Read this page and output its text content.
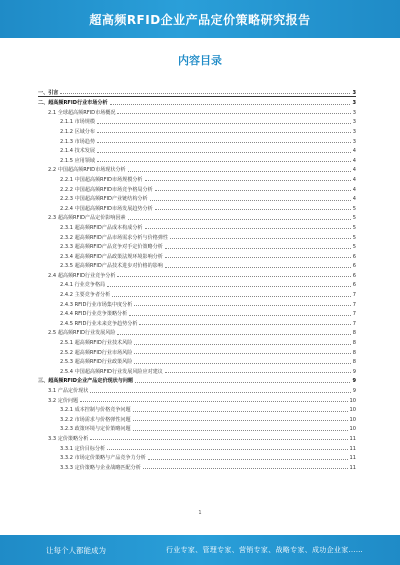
超高频RFID企业产品定价策略研究报告
内容目录
一、引言	3
二、超高频RFID行业市场分析	3
2.1 全球超高频RFID市场概况	3
2.1.1 市场规模	3
2.1.2 区域分布	3
2.1.3 市场趋势	3
2.1.4 技术发展	4
2.1.5 应用领域	4
2.2 中国超高频RFID市场现状分析	4
2.2.1 中国超高频RFID市场规模分析	4
2.2.2 中国超高频RFID市场竞争格局分析	4
2.2.3 中国超高频RFID产业链结构分析	4
2.2.4 中国超高频RFID市场发展趋势分析	5
2.3 超高频RFID产品定价影响因素	5
2.3.1 超高频RFID产品成本构成分析	5
2.3.2 超高频RFID产品市场需求分析与价格弹性	5
2.3.3 超高频RFID产品竞争对手定价策略分析	5
2.3.4 超高频RFID产品政策法规环境影响分析	6
2.3.5 超高频RFID产品技术进步对价格的影响	6
2.4 超高频RFID行业竞争分析	6
2.4.1 行业竞争格局	6
2.4.2 主要竞争者分析	7
2.4.3 RFID行业市场集中度分析	7
2.4.4 RFID行业竞争策略分析	7
2.4.5 RFID行业未来竞争趋势分析	7
2.5 超高频RFID行业发展风险	8
2.5.1 超高频RFID行业技术风险	8
2.5.2 超高频RFID行业市场风险	8
2.5.3 超高频RFID行业政策风险	8
2.5.4 中国超高频RFID行业发展风险应对建议	9
三、超高频RFID企业产品定价现状与问题	9
3.1 产品定价现状	9
3.2 定价问题	10
3.2.1 成本控制与价格竞争问题	10
3.2.2 市场需求与价格弹性问题	10
3.2.3 政策环境与定价策略问题	10
3.3 定价策略分析	11
3.3.1 定价目标分析	11
3.3.2 市场定价策略与产品竞争力分析	11
3.3.3 定价策略与企业战略匹配分析	11
1
让每个人都能成为	行业专家、管理专家、营销专家、战略专家、成功企业家……
